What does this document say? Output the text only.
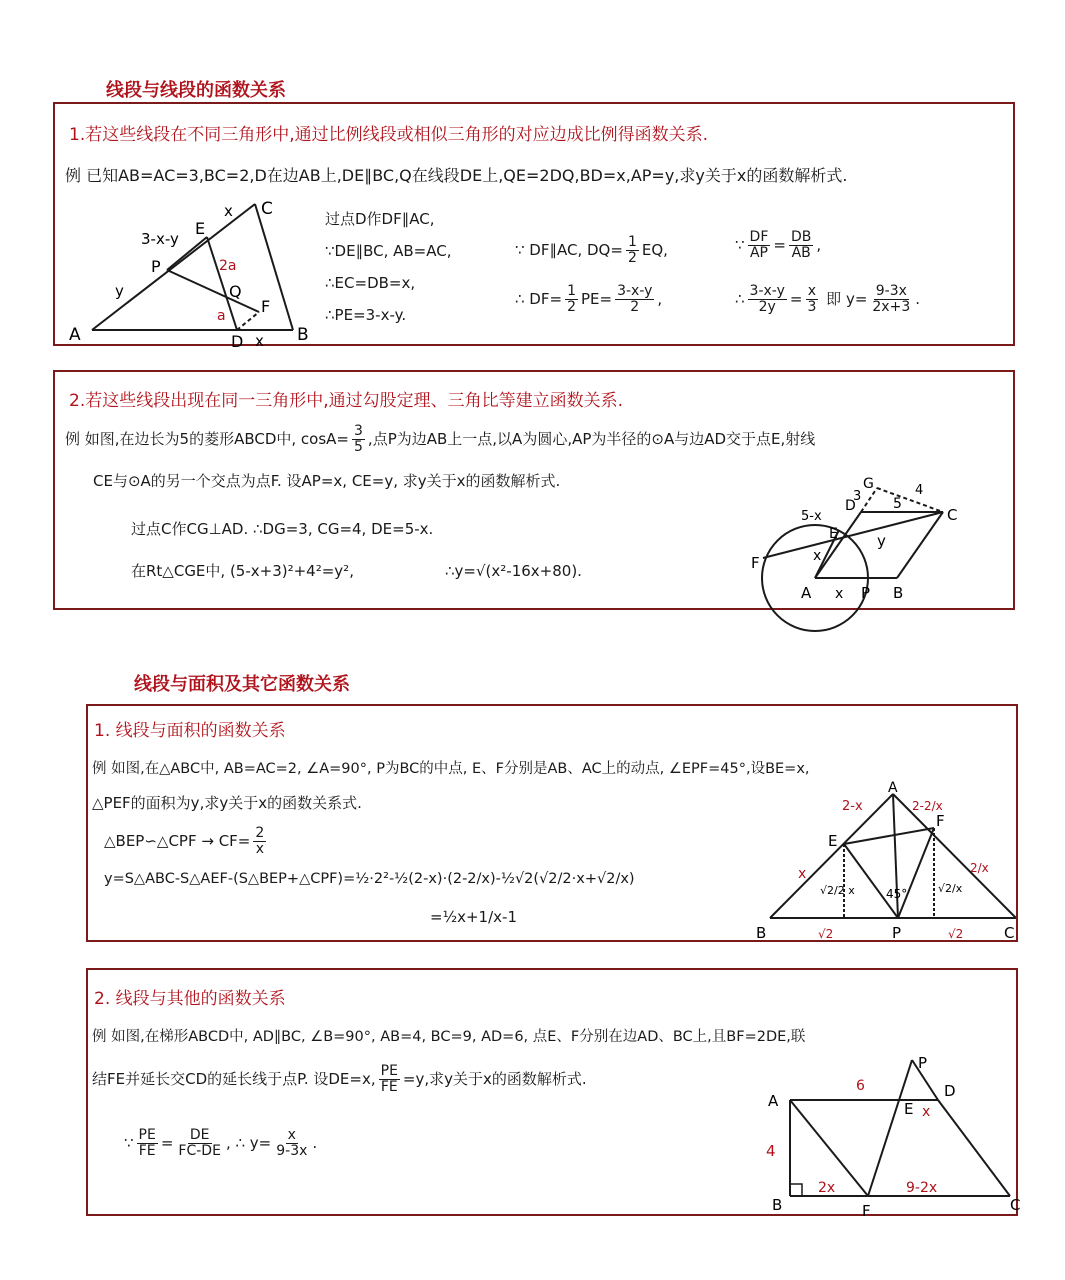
线段与线段的函数关系
1.若这些线段在不同三角形中,通过比例线段或相似三角形的对应边成比例得函数关系.
例 已知AB=AC=3,BC=2,D在边AB上,DE∥BC,Q在线段DE上,QE=2DQ,BD=x,AP=y,求y关于x的函数解析式.
A	B
C
D
E
P
Q
F
3-x-y
x
2a
y
a
x
过点D作DF∥AC,
∵DE∥BC, AB=AC,
∴EC=DB=x,
∴PE=3-x-y.
∵ DF∥AC, $DQ= \frac{1}{2}$ EQ,
∴ $DF= \frac{1}{2} PE= \frac{3-x-y}{2}$ ,
∵ $\frac{DF}{AP} = \frac{DB}{AB}$ ,
∴ $\frac{3-x-y}{2y} = \frac{x}{3}$ 即 $y= \frac{9-3x}{2x+3}$ .
2.若这些线段出现在同一三角形中,通过勾股定理、三角比等建立函数关系.
例 如图,在边长为5的菱形ABCD中, $\cos A= \frac{3}{5}$ ,点P为边AB上一点,以A为圆心,AP为半径的⊙A与边AD交于点E,射线
CE与⊙A的另一个交点为点F. 设AP=x, CE=y, 求y关于x的函数解析式.
过点C作CG⊥AD. ∴DG=3, CG=4, DE=5-x.
在Rt△CGE中, (5-x+3)²+4²=y²,	∴y=√(x²-16x+80).
G
D	C
E
F
A	P B
3	4
5
5-x
y
x
x
线段与面积及其它函数关系
1. 线段与面积的函数关系
例 如图,在△ABC中, AB=AC=2, ∠A=90°, P为BC的中点, E、F分别是AB、AC上的动点, ∠EPF=45°,设BE=x,
△PEF的面积为y,求y关于x的函数关系式.
△BEP∽△CPF → $CF= \frac{2}{x}$
y=S△ABC-S△AEF-(S△BEP+△CPF)=½·2²-½(2-x)·(2-2/x)-½√2(√2/2·x+√2/x)
=½x+1/x-1
A
B	C
E
F
P
2-x	2-2/x
x	2/x
√2/2 x	√2/x
45°
√2	√2
2. 线段与其他的函数关系
例 如图,在梯形ABCD中, AD∥BC, ∠B=90°, AB=4, BC=9, AD=6, 点E、F分别在边AD、BC上,且BF=2DE,联
结FE并延长交CD的延长线于点P. 设DE=x, $\frac{PE}{FE} =y$,求y关于x的函数解析式.
∵ $\frac{PE}{FE} = \frac{DE}{FC-DE}$ , ∴ $y= \frac{x}{9-3x}$ .
A
B	C
D
E
F
P
6
4
x
2x	9-2x
